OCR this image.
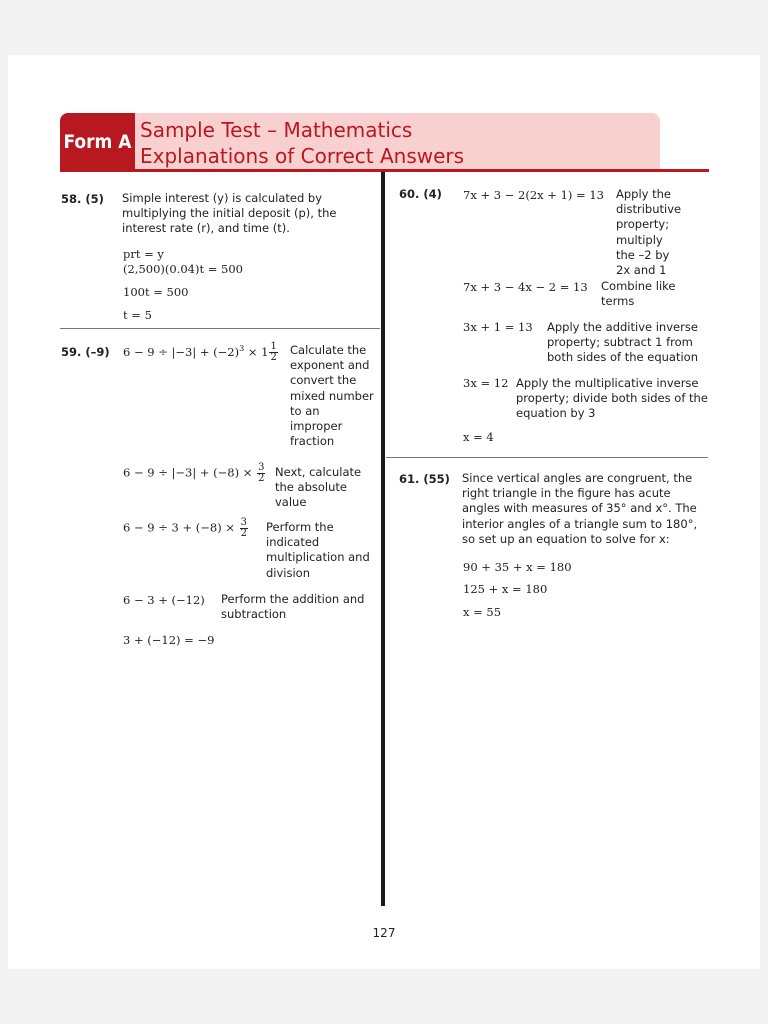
Form A Sample Test – Mathematics
Explanations of Correct Answers
58. (5) Simple interest (y) is calculated by multiplying the initial deposit (p), the interest rate (r), and time (t).
prt = y
(2,500)(0.04)t = 500
100t = 500
t = 5
59. (–9) $6 - 9 \div |-3| + (-2)^3 \times 1 \frac{1}{2}$ Calculate the exponent and convert the mixed number to an improper fraction
$6 - 9 \div |-3| + (-8) \times \frac{3}{2}$ Next, calculate the absolute value
$6 - 9 \div 3 + (-8) \times \frac{3}{2}$ Perform the indicated multiplication and division
6 − 3 + (−12) Perform the addition and subtraction
3 + (−12) = −9
60. (4) 7x + 3 − 2(2x + 1) = 13	Apply the distributive property; multiply the –2 by 2x and 1
7x + 3 − 4x − 2 = 13 Combine like terms
3x + 1 = 13 Apply the additive inverse property; subtract 1 from both sides of the equation
3x = 12 Apply the multiplicative inverse property; divide both sides of the equation by 3
x = 4
61. (55) Since vertical angles are congruent, the right triangle in the figure has acute angles with measures of 35° and x°. The interior angles of a triangle sum to 180°, so set up an equation to solve for x:
90 + 35 + x = 180
125 + x = 180
x = 55
127
